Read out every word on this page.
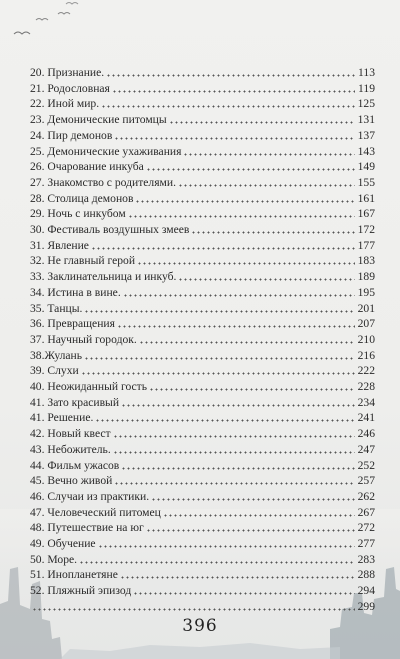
20. Признание.	113
21. Родословная	119
22. Иной мир.	125
23. Демонические питомцы	131
24. Пир демонов	137
25. Демонические ухаживания	143
26. Очарование инкуба	149
27. Знакомство с родителями.	155
28. Столица демонов	161
29. Ночь с инкубом	167
30. Фестиваль воздушных змеев	172
31. Явление	177
32. Не главный герой	183
33. Заклинательница и инкуб.	189
34. Истина в вине.	195
35. Танцы.	201
36. Превращения	207
37. Научный городок.	210
38.Жулань	216
39. Слухи	222
40. Неожиданный гость	228
41. Зато красивый	234
41. Решение.	241
42. Новый квест	246
43. Небожитель.	247
44. Фильм ужасов	252
45. Вечно живой	257
46. Случаи из практики.	262
47. Человеческий питомец	267
48. Путешествие на юг	272
49. Обучение	277
50. Море.	283
51. Инопланетяне	288
52. Пляжный эпизод	294
299
396
